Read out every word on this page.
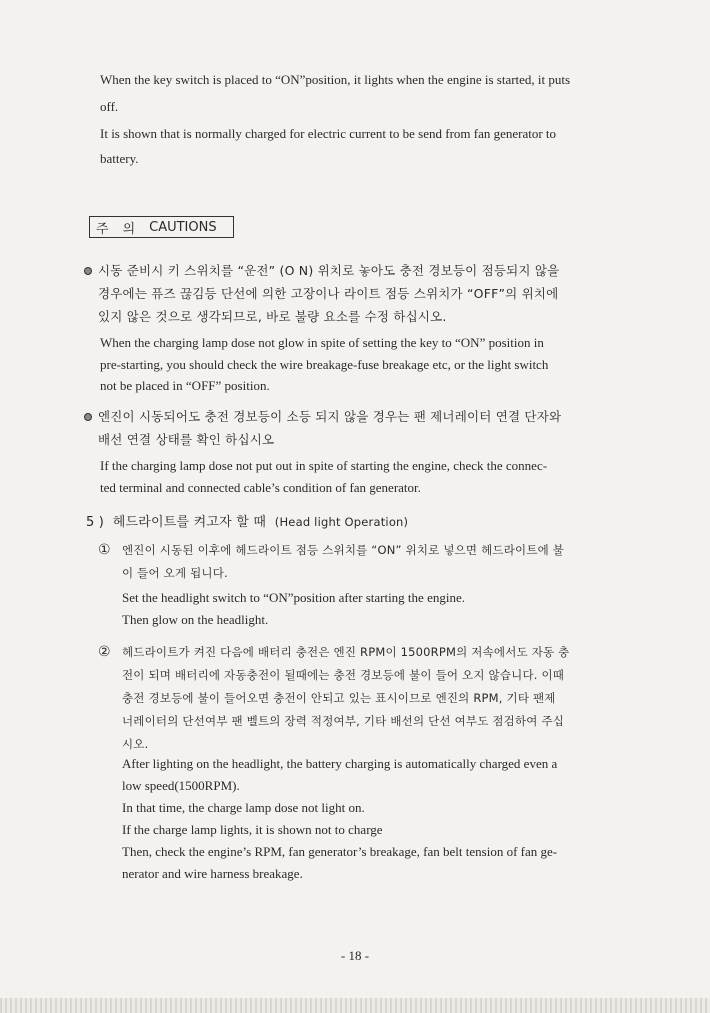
When the key switch is placed to “ON”position, it lights when the engine is started, it puts
off.
It is shown that is normally charged for electric current to be send from fan generator to
battery.
주 의 CAUTIONS
시동 준비시 키 스위치를 “운전” (O N) 위치로 놓아도 충전 경보등이 점등되지 않을
경우에는 퓨즈 끊김등 단선에 의한 고장이나 라이트 점등 스위치가 “OFF”의 위치에
있지 않은 것으로 생각되므로, 바로 불량 요소를 수정 하십시오.
When the charging lamp dose not glow in spite of setting the key to “ON” position in
pre-starting, you should check the wire breakage-fuse breakage etc, or the light switch
not be placed in “OFF” position.
엔진이 시동되어도 충전 경보등이 소등 되지 않을 경우는 팬 제너레이터 연결 단자와
배선 연결 상태를 확인 하십시오
If the charging lamp dose not put out in spite of starting the engine, check the connec-
ted terminal and connected cable’s condition of fan generator.
5 ) 헤드라이트를 켜고자 할 때 (Head light Operation)
① 엔진이 시동된 이후에 헤드라이트 점등 스위치를 “ON” 위치로 넣으면 헤드라이트에 불
이 들어 오게 됩니다.
Set the headlight switch to “ON”position after starting the engine.
Then glow on the headlight.
② 헤드라이트가 켜진 다음에 배터리 충전은 엔진 RPM이 1500RPM의 저속에서도 자동 충
전이 되며 배터리에 자동충전이 될때에는 충전 경보등에 불이 들어 오지 않습니다. 이때
충전 경보등에 불이 들어오면 충전이 안되고 있는 표시이므로 엔진의 RPM, 기타 팬제
너레이터의 단선여부 팬 벨트의 장력 적정여부, 기타 배선의 단선 여부도 점검하여 주십
시오.
After lighting on the headlight, the battery charging is automatically charged even a
low speed(1500RPM).
In that time, the charge lamp dose not light on.
If the charge lamp lights, it is shown not to charge
Then, check the engine’s RPM, fan generator’s breakage, fan belt tension of fan ge-
nerator and wire harness breakage.
- 18 -
